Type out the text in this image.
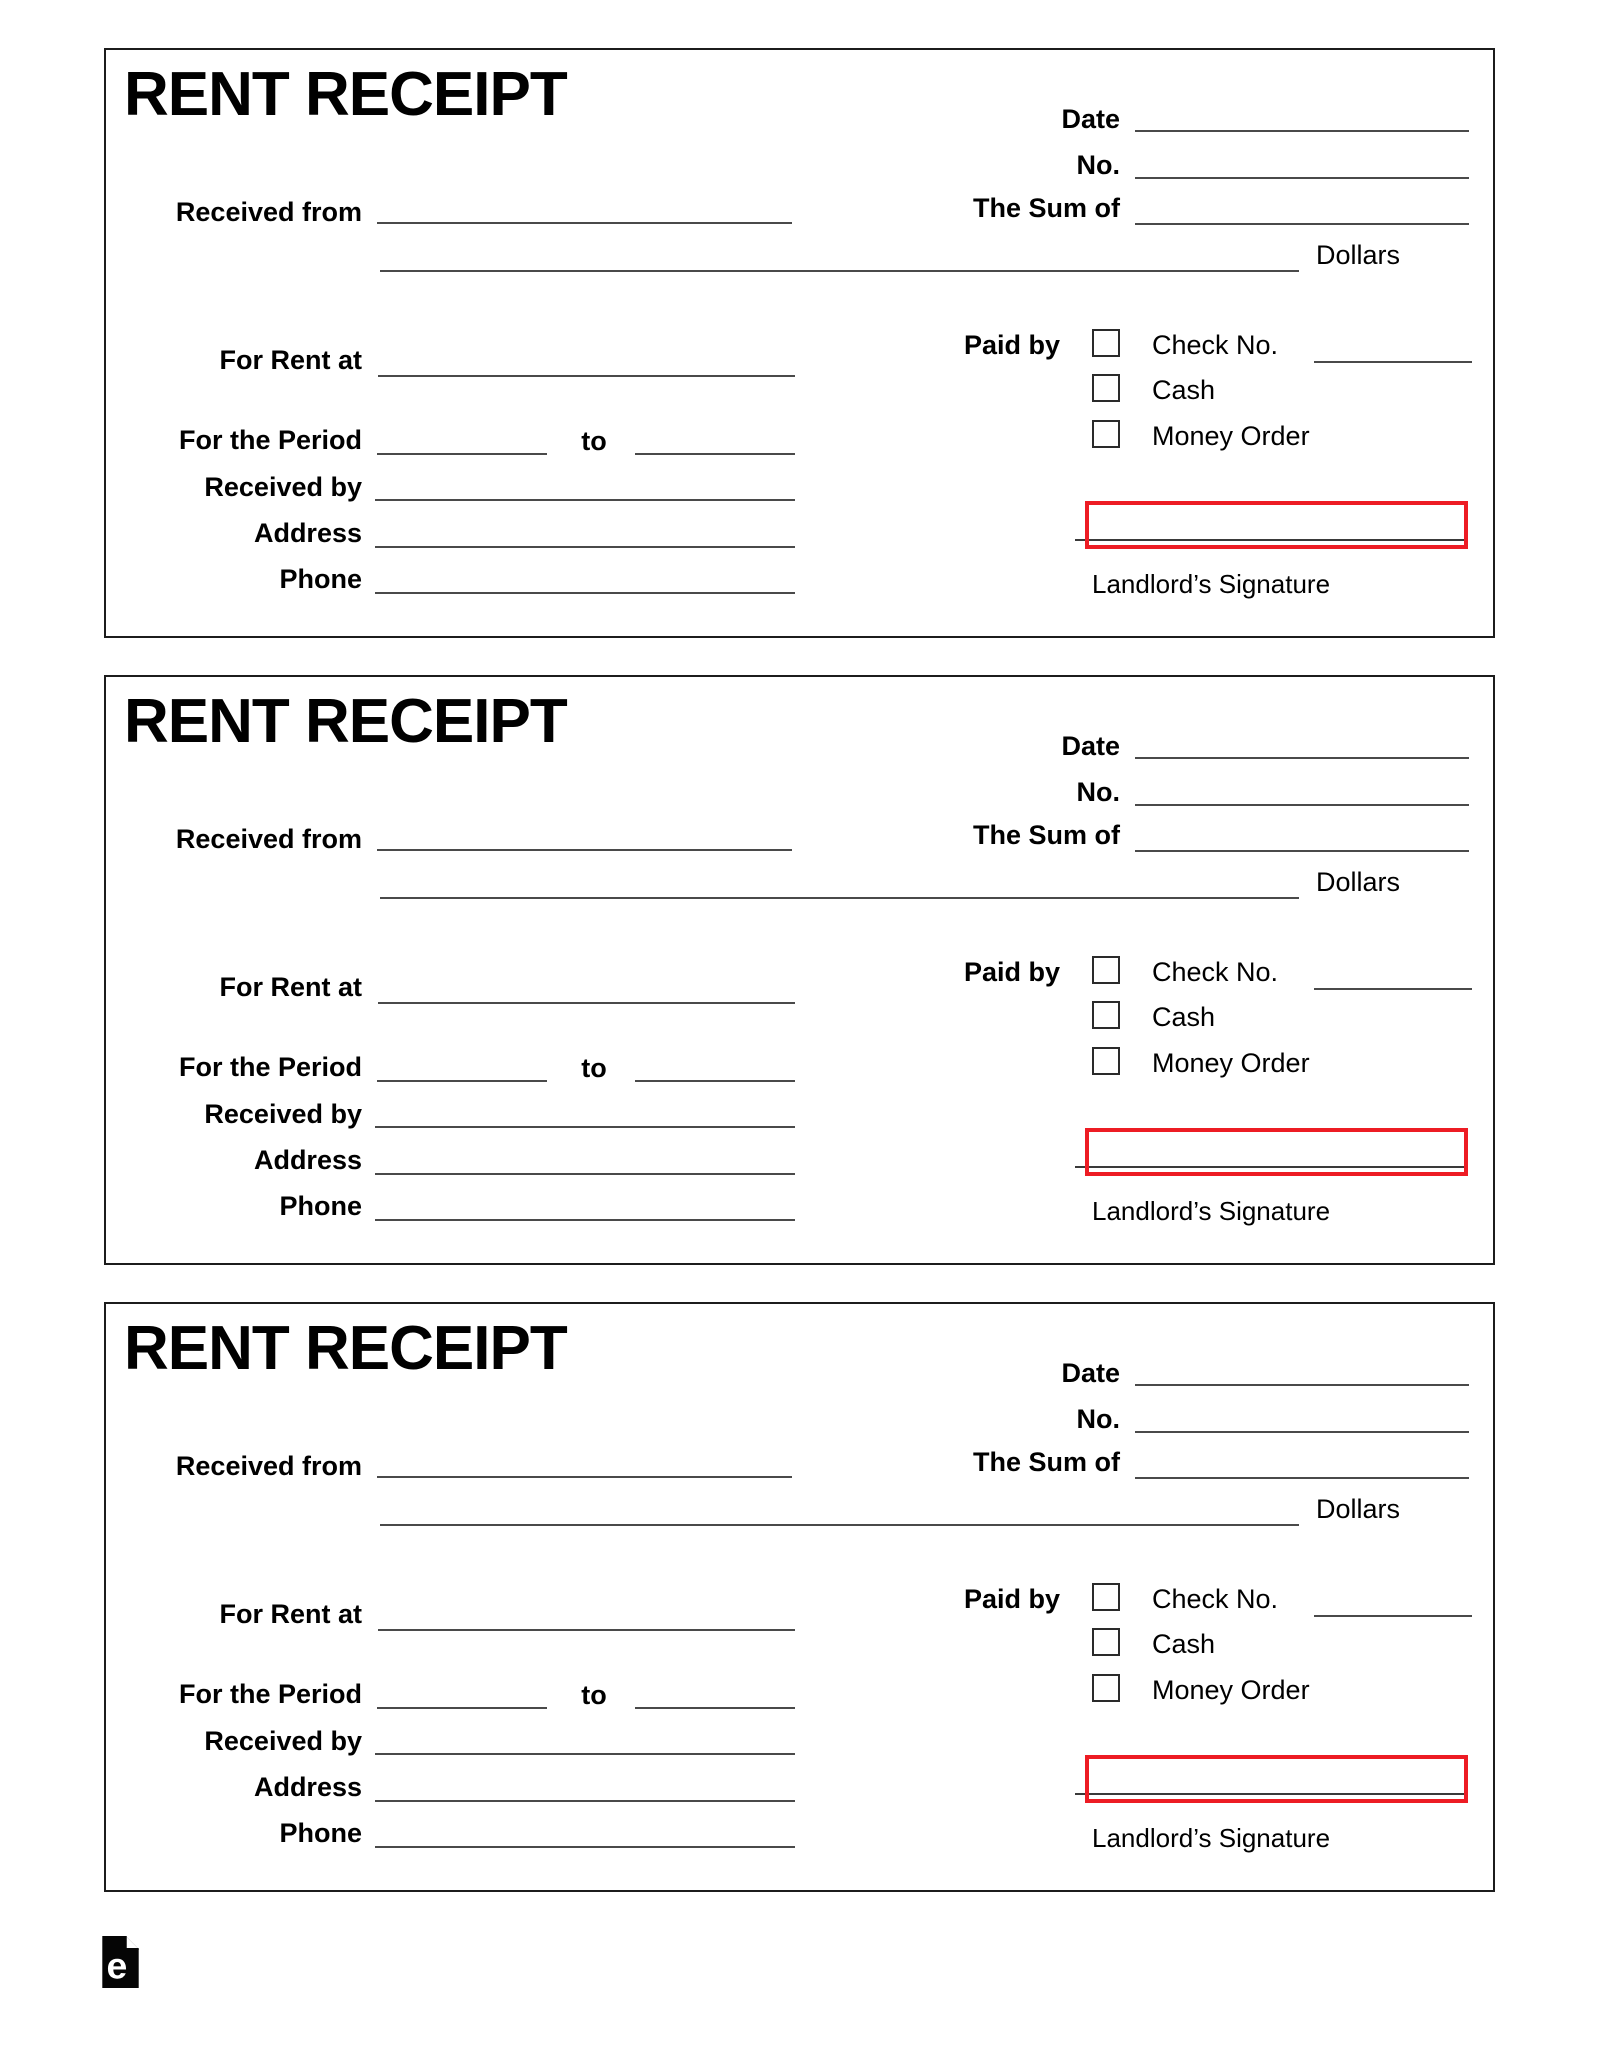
RENT RECEIPT	Date
No.
The Sum of
Received from
Dollars
For Rent at	Paid by	Check No.
Cash
Money Order
For the Period	to
Received by
Address
Phone	Landlord’s Signature
RENT RECEIPT	Date
No.
The Sum of
Received from
Dollars
For Rent at	Paid by	Check No.
Cash
Money Order
For the Period	to
Received by
Address
Phone	Landlord’s Signature
RENT RECEIPT	Date
No.
The Sum of
Received from
Dollars
For Rent at	Paid by	Check No.
Cash
Money Order
For the Period	to
Received by
Address
Phone	Landlord’s Signature
e
